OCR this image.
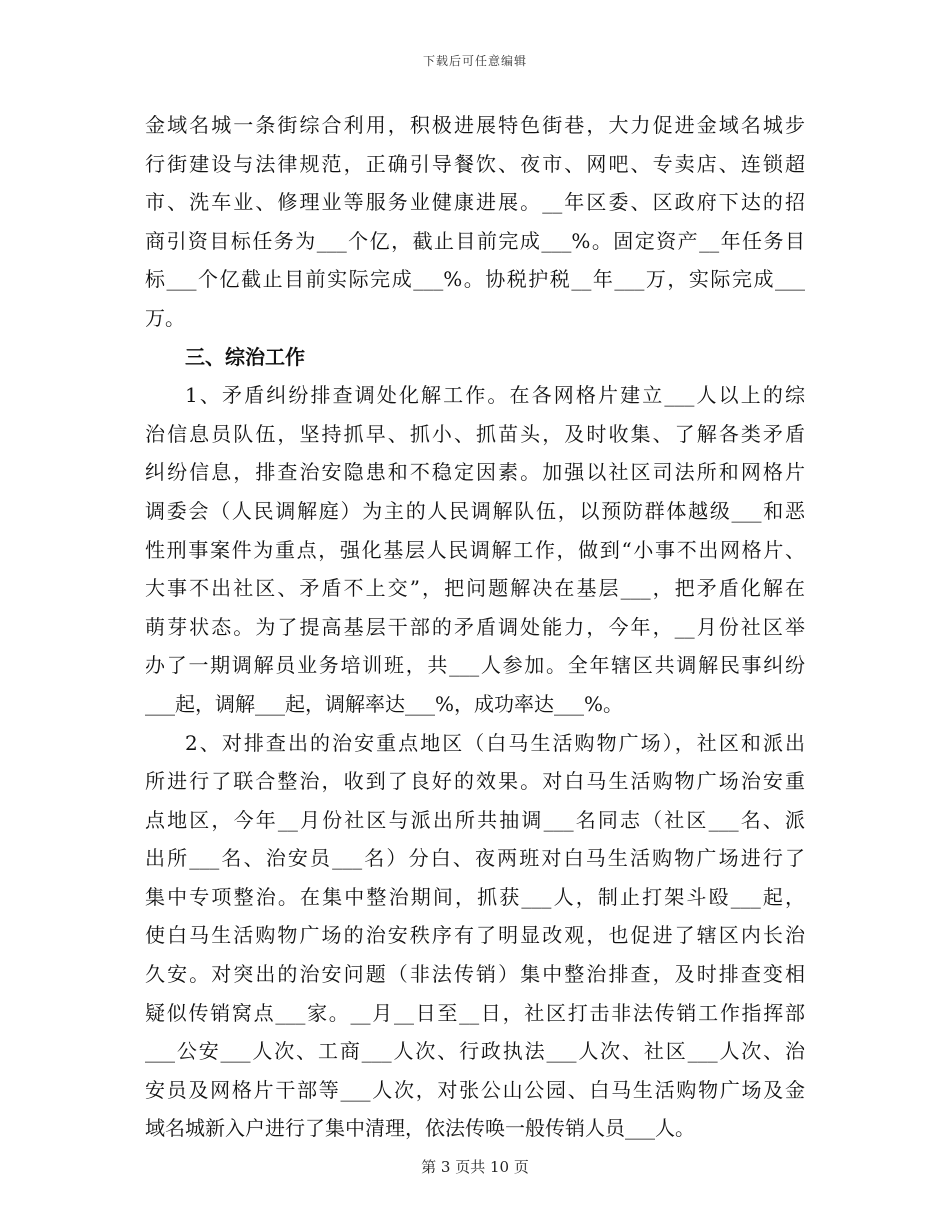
下载后可任意编辑
金域名城一条街综合利用，积极进展特色街巷，大力促进金域名城步
行街建设与法律规范，正确引导餐饮、夜市、网吧、专卖店、连锁超
市、洗车业、修理业等服务业健康进展。__年区委、区政府下达的招
商引资目标任务为___个亿，截止目前完成___%。固定资产__年任务目
标___个亿截止目前实际完成___%。协税护税__年___万，实际完成___
万。
三、综治工作
1、矛盾纠纷排查调处化解工作。在各网格片建立___人以上的综
治信息员队伍，坚持抓早、抓小、抓苗头，及时收集、了解各类矛盾
纠纷信息，排查治安隐患和不稳定因素。加强以社区司法所和网格片
调委会（人民调解庭）为主的人民调解队伍，以预防群体越级___和恶
性刑事案件为重点，强化基层人民调解工作，做到“小事不出网格片、
大事不出社区、矛盾不上交”，把问题解决在基层___，把矛盾化解在
萌芽状态。为了提高基层干部的矛盾调处能力，今年，__月份社区举
办了一期调解员业务培训班，共___人参加。全年辖区共调解民事纠纷
___起，调解___起，调解率达___%，成功率达___%。
2、对排查出的治安重点地区（白马生活购物广场），社区和派出
所进行了联合整治，收到了良好的效果。对白马生活购物广场治安重
点地区，今年__月份社区与派出所共抽调___名同志（社区___名、派
出所___名、治安员___名）分白、夜两班对白马生活购物广场进行了
集中专项整治。在集中整治期间，抓获___人，制止打架斗殴___起，
使白马生活购物广场的治安秩序有了明显改观，也促进了辖区内长治
久安。对突出的治安问题（非法传销）集中整治排查，及时排查变相
疑似传销窝点___家。__月__日至__日，社区打击非法传销工作指挥部
___公安___人次、工商___人次、行政执法___人次、社区___人次、治
安员及网格片干部等___人次，对张公山公园、白马生活购物广场及金
域名城新入户进行了集中清理，依法传唤一般传销人员___人。
第 3 页共 10 页
